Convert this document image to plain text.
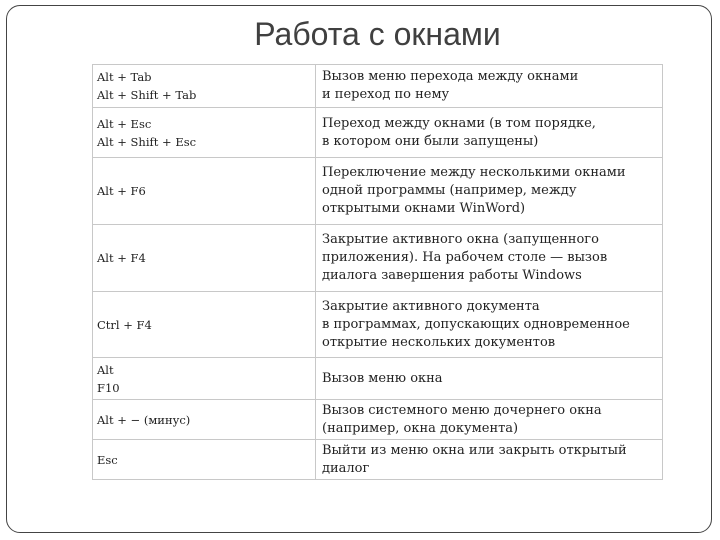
Работа с окнами
Alt + Tab
Alt + Shift + Tab	Вызов меню перехода между окнами
и переход по нему

Alt + Esc
Alt + Shift + Esc	Переход между окнами (в том порядке,
в котором они были запущены)

Alt + F6	Переключение между несколькими окнами
одной программы (например, между
открытыми окнами WinWord)

Alt + F4	Закрытие активного окна (запущенного
приложения). На рабочем столе — вызов
диалога завершения работы Windows

Ctrl + F4	Закрытие активного документа
в программах, допускающих одновременное
открытие нескольких документов

Alt
F10	Вызов меню окна

Alt + − (минус)	Вызов системного меню дочернего окна
(например, окна документа)

Esc	Выйти из меню окна или закрыть открытый
диалог
